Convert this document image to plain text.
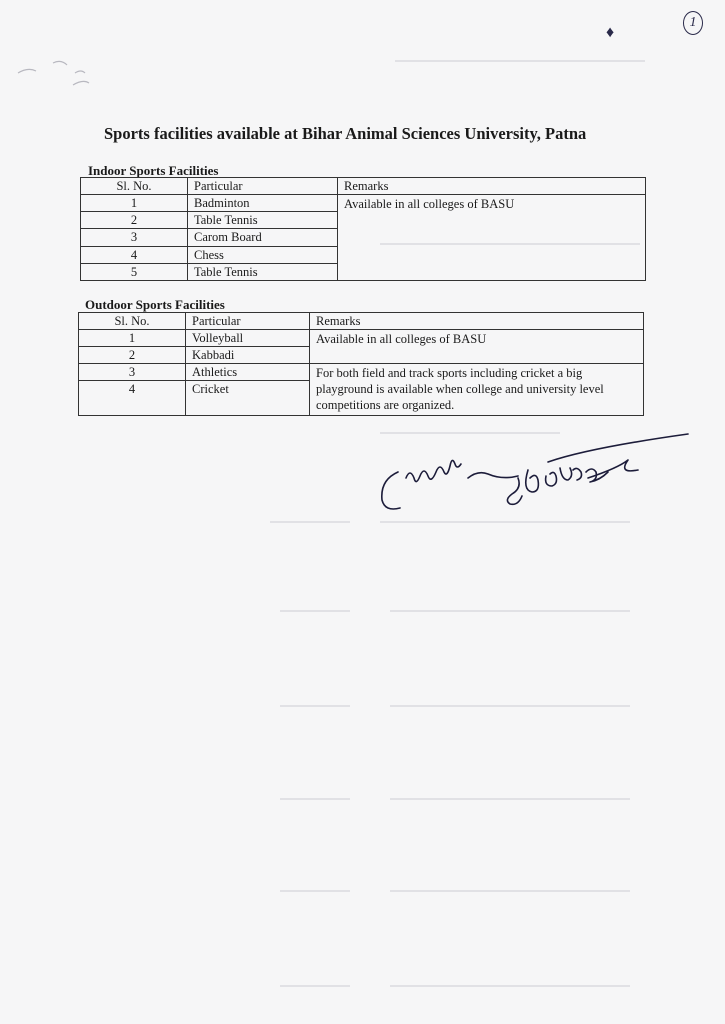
♦
1
Sports facilities available at Bihar Animal Sciences University, Patna
Indoor Sports Facilities
Sl. No.	Particular	Remarks
1	Badminton	Available in all colleges of BASU
2	Table Tennis	
3	Carom Board	
4	Chess	
5	Table Tennis	
Outdoor Sports Facilities
Sl. No.	Particular	Remarks
1	Volleyball	Available in all colleges of BASU
2	Kabbadi	
3	Athletics	For both field and track sports including cricket a big playground is available when college and university level competitions are organized.
4	Cricket	
